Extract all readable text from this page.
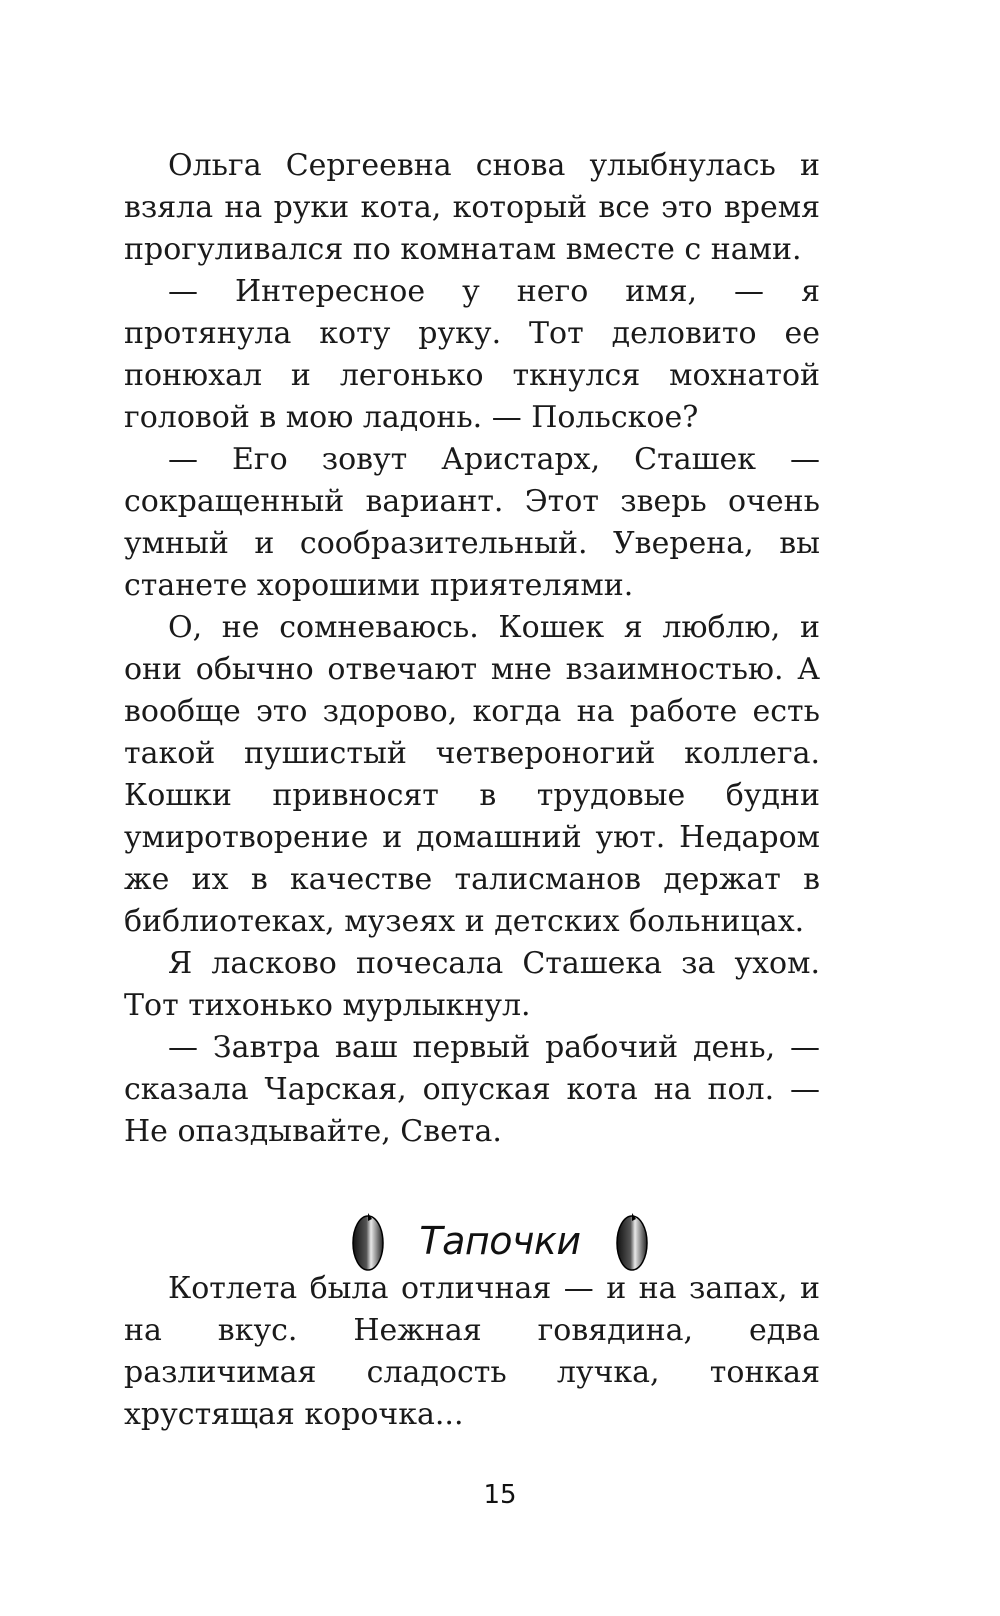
Ольга Сергеевна снова улыбнулась и взяла на руки кота, который все это время прогуливался по комнатам вместе с нами.

— Интересное у него имя, — я протянула коту руку. Тот деловито ее понюхал и легонько ткнулся мохнатой головой в мою ладонь. — Польское?

— Его зовут Аристарх, Сташек — сокращенный вариант. Этот зверь очень умный и сообразительный. Уверена, вы станете хорошими приятелями.

О, не сомневаюсь. Кошек я люблю, и они обычно отвечают мне взаимностью. А вообще это здорово, когда на работе есть такой пушистый четвероногий коллега. Кошки привносят в трудовые будни умиротворение и домашний уют. Недаром же их в качестве талисманов держат в библиотеках, музеях и детских больницах.

Я ласково почесала Сташека за ухом. Тот тихонько мурлыкнул.

— Завтра ваш первый рабочий день, — сказала Чарская, опуская кота на пол. — Не опаздывайте, Света.

Тапочки

Котлета была отличная — и на запах, и на вкус. Нежная говядина, едва различимая сладость лучка, тонкая хрустящая корочка...

15
